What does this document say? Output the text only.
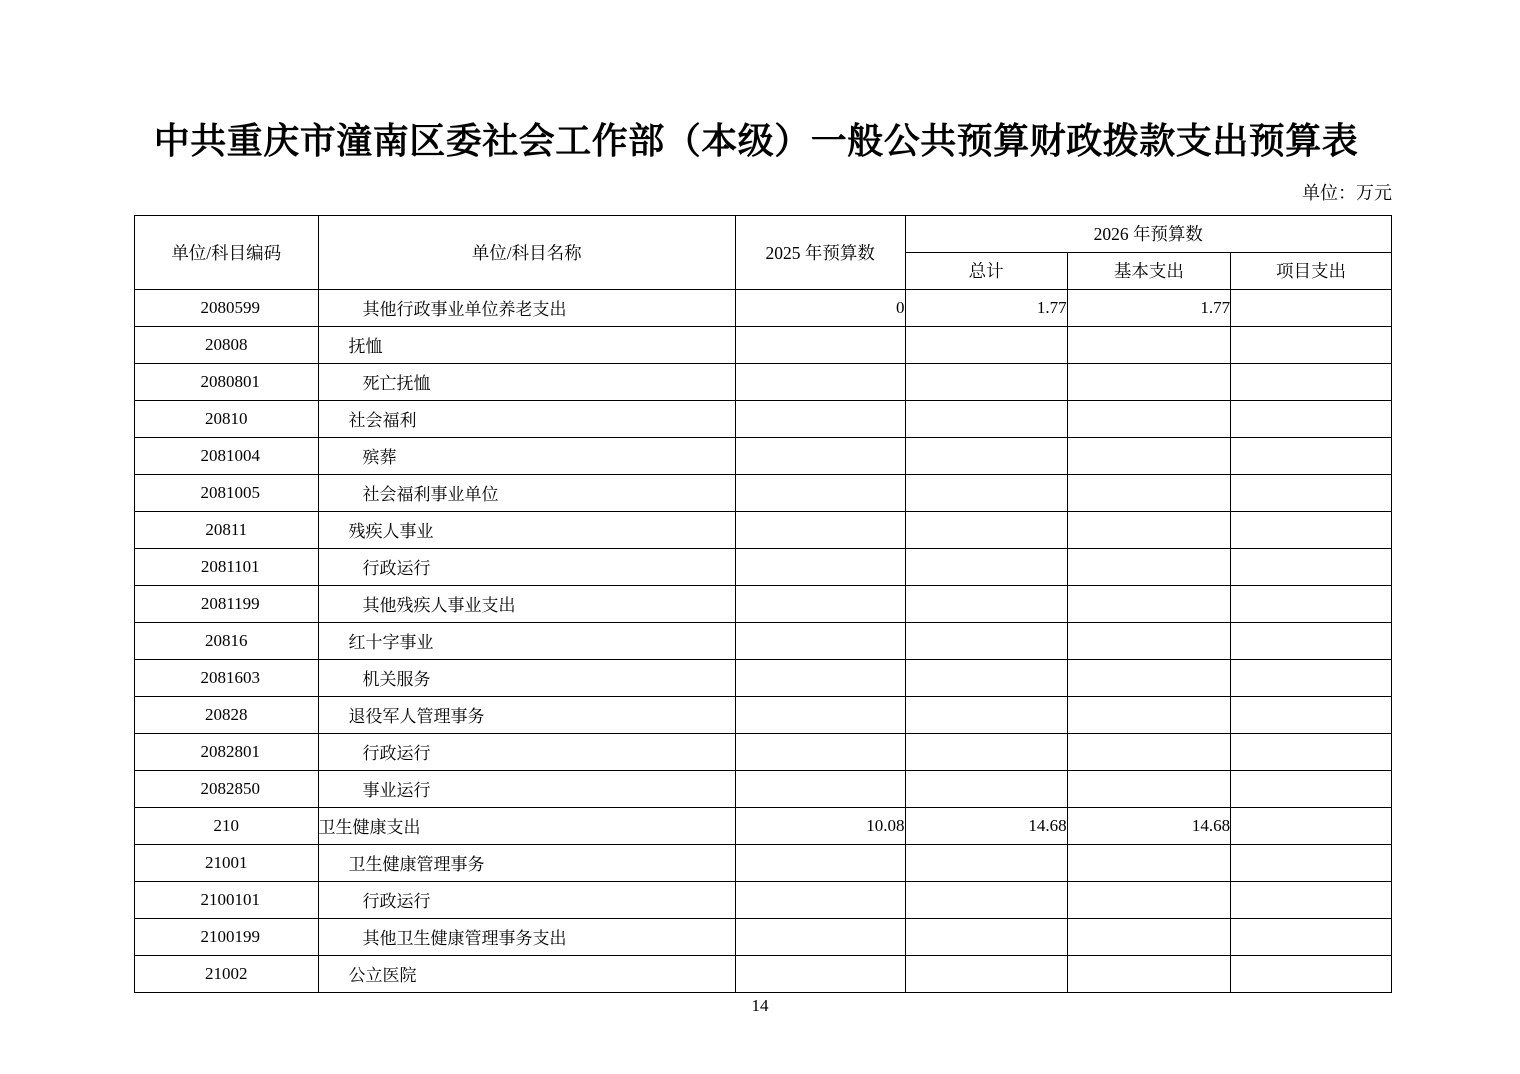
中共重庆市潼南区委社会工作部（本级）一般公共预算财政拨款支出预算表
单位：万元
单位/科目编码	单位/科目名称	2025 年预算数	2026 年预算数		
			总计	基本支出	项目支出
2080599	其他行政事业单位养老支出	0	1.77	1.77	
20808	抚恤				
2080801	死亡抚恤				
20810	社会福利				
2081004	殡葬				
2081005	社会福利事业单位				
20811	残疾人事业				
2081101	行政运行				
2081199	其他残疾人事业支出				
20816	红十字事业				
2081603	机关服务				
20828	退役军人管理事务				
2082801	行政运行				
2082850	事业运行				
210	卫生健康支出	10.08	14.68	14.68	
21001	卫生健康管理事务				
2100101	行政运行				
2100199	其他卫生健康管理事务支出				
21002	公立医院				
14
